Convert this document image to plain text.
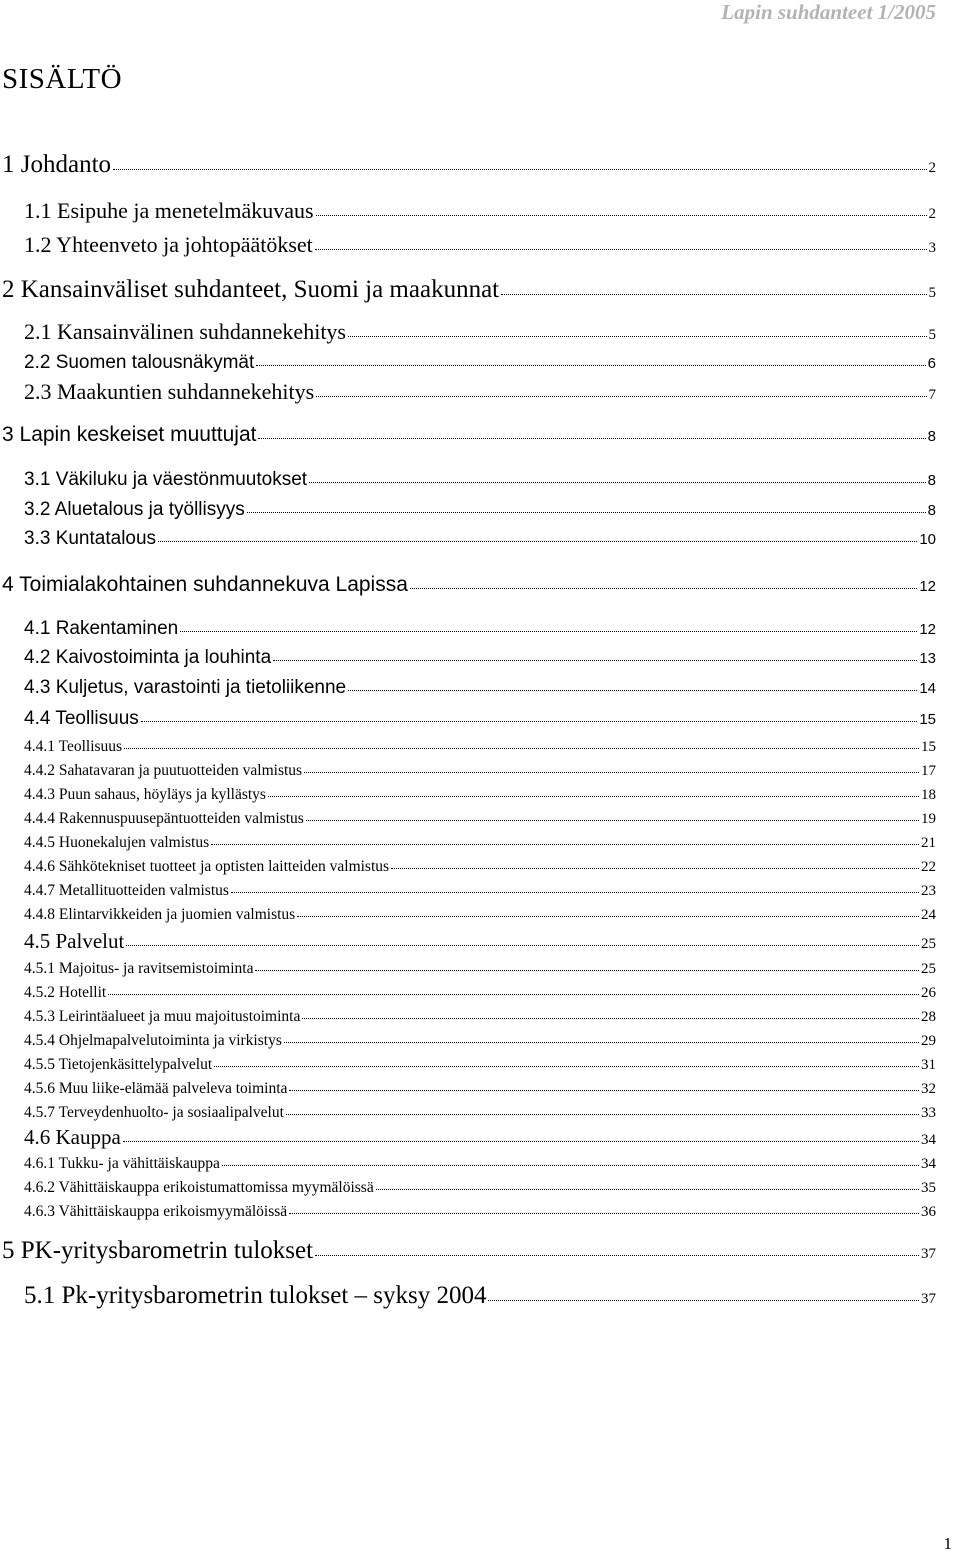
Lapin suhdanteet 1/2005
SISÄLTÖ
1 Johdanto	2
1.1 Esipuhe ja menetelmäkuvaus	2
1.2 Yhteenveto ja johtopäätökset	3
2 Kansainväliset suhdanteet, Suomi ja maakunnat	5
2.1 Kansainvälinen suhdannekehitys	5
2.2 Suomen talousnäkymät	6
2.3 Maakuntien suhdannekehitys	7
3 Lapin keskeiset muuttujat	8
3.1 Väkiluku ja väestönmuutokset	8
3.2 Aluetalous ja työllisyys	8
3.3 Kuntatalous	10
4 Toimialakohtainen suhdannekuva Lapissa	12
4.1 Rakentaminen	12
4.2 Kaivostoiminta ja louhinta	13
4.3 Kuljetus, varastointi ja tietoliikenne	14
4.4 Teollisuus	15
4.4.1 Teollisuus	15
4.4.2 Sahatavaran ja puutuotteiden valmistus	17
4.4.3 Puun sahaus, höyläys ja kyllästys	18
4.4.4 Rakennuspuusepäntuotteiden valmistus	19
4.4.5 Huonekalujen valmistus	21
4.4.6 Sähkötekniset tuotteet ja optisten laitteiden valmistus	22
4.4.7 Metallituotteiden valmistus	23
4.4.8 Elintarvikkeiden ja juomien valmistus	24
4.5 Palvelut	25
4.5.1 Majoitus- ja ravitsemistoiminta	25
4.5.2 Hotellit	26
4.5.3 Leirintäalueet ja muu majoitustoiminta	28
4.5.4 Ohjelmapalvelutoiminta ja virkistys	29
4.5.5 Tietojenkäsittelypalvelut	31
4.5.6 Muu liike-elämää palveleva toiminta	32
4.5.7 Terveydenhuolto- ja sosiaalipalvelut	33
4.6 Kauppa	34
4.6.1 Tukku- ja vähittäiskauppa	34
4.6.2 Vähittäiskauppa erikoistumattomissa myymälöissä	35
4.6.3 Vähittäiskauppa erikoismyymälöissä	36
5 PK-yritysbarometrin tulokset	37
5.1 Pk-yritysbarometrin tulokset – syksy 2004	37
1
